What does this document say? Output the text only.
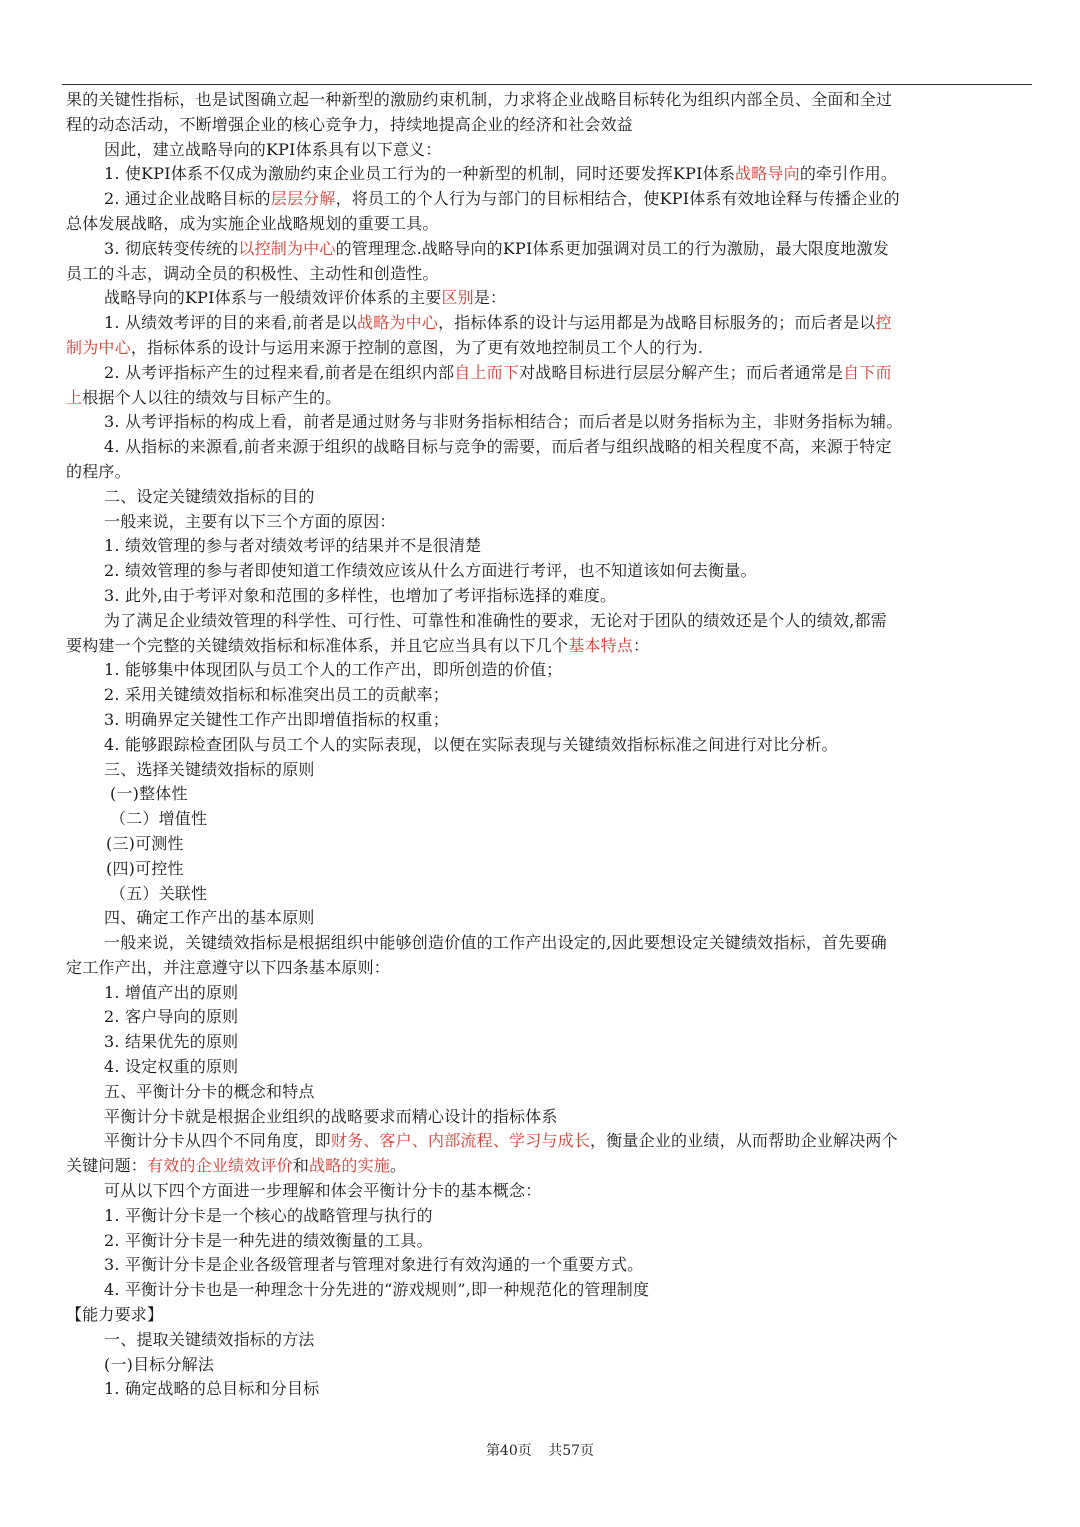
果的关键性指标，也是试图确立起一种新型的激励约束机制，力求将企业战略目标转化为组织内部全员、全面和全过
程的动态活动，不断增强企业的核心竞争力，持续地提高企业的经济和社会效益
因此，建立战略导向的KPI体系具有以下意义：
1. 使KPI体系不仅成为激励约束企业员工行为的一种新型的机制，同时还要发挥KPI体系战略导向的牵引作用。
2. 通过企业战略目标的层层分解，将员工的个人行为与部门的目标相结合，使KPI体系有效地诠释与传播企业的
总体发展战略，成为实施企业战略规划的重要工具。
3. 彻底转变传统的以控制为中心的管理理念.战略导向的KPI体系更加强调对员工的行为激励，最大限度地激发
员工的斗志，调动全员的积极性、主动性和创造性。
战略导向的KPI体系与一般绩效评价体系的主要区别是：
1. 从绩效考评的目的来看,前者是以战略为中心，指标体系的设计与运用都是为战略目标服务的；而后者是以控
制为中心，指标体系的设计与运用来源于控制的意图，为了更有效地控制员工个人的行为.
2. 从考评指标产生的过程来看,前者是在组织内部自上而下对战略目标进行层层分解产生；而后者通常是自下而
上根据个人以往的绩效与目标产生的。
3. 从考评指标的构成上看，前者是通过财务与非财务指标相结合；而后者是以财务指标为主，非财务指标为辅。
4. 从指标的来源看,前者来源于组织的战略目标与竞争的需要，而后者与组织战略的相关程度不高，来源于特定
的程序。
二、设定关键绩效指标的目的
一般来说，主要有以下三个方面的原因：
1. 绩效管理的参与者对绩效考评的结果并不是很清楚
2. 绩效管理的参与者即使知道工作绩效应该从什么方面进行考评，也不知道该如何去衡量。
3. 此外,由于考评对象和范围的多样性，也增加了考评指标选择的难度。
为了满足企业绩效管理的科学性、可行性、可靠性和准确性的要求，无论对于团队的绩效还是个人的绩效,都需
要构建一个完整的关键绩效指标和标准体系，并且它应当具有以下几个基本特点：
1. 能够集中体现团队与员工个人的工作产出，即所创造的价值；
2. 采用关键绩效指标和标准突出员工的贡献率；
3. 明确界定关键性工作产出即增值指标的权重；
4. 能够跟踪检查团队与员工个人的实际表现，以便在实际表现与关键绩效指标标准之间进行对比分析。
三、选择关键绩效指标的原则
(一)整体性
（二）增值性
(三)可测性
(四)可控性
（五）关联性
四、确定工作产出的基本原则
一般来说，关键绩效指标是根据组织中能够创造价值的工作产出设定的,因此要想设定关键绩效指标，首先要确
定工作产出，并注意遵守以下四条基本原则：
1. 增值产出的原则
2. 客户导向的原则
3. 结果优先的原则
4. 设定权重的原则
五、平衡计分卡的概念和特点
平衡计分卡就是根据企业组织的战略要求而精心设计的指标体系
平衡计分卡从四个不同角度，即财务、客户、内部流程、学习与成长，衡量企业的业绩，从而帮助企业解决两个
关键问题：有效的企业绩效评价和战略的实施。
可从以下四个方面进一步理解和体会平衡计分卡的基本概念：
1. 平衡计分卡是一个核心的战略管理与执行的
2. 平衡计分卡是一种先进的绩效衡量的工具。
3. 平衡计分卡是企业各级管理者与管理对象进行有效沟通的一个重要方式。
4. 平衡计分卡也是一种理念十分先进的“游戏规则”,即一种规范化的管理制度
【能力要求】
一、提取关键绩效指标的方法
(一)目标分解法
1. 确定战略的总目标和分目标
第40页 共57页
